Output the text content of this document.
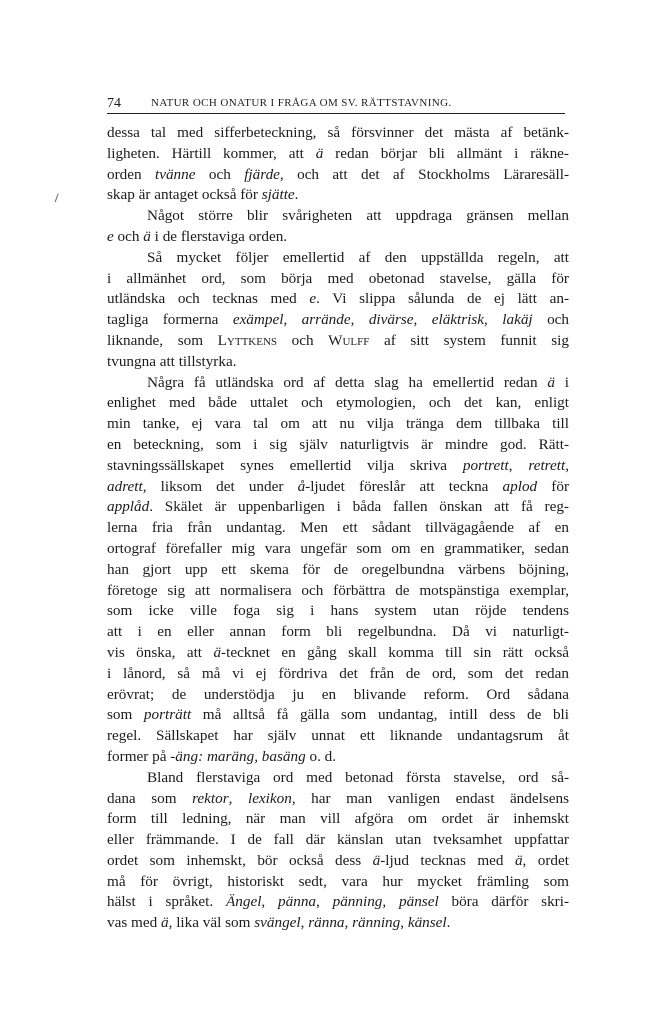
74	NATUR OCH ONATUR I FRÅGA OM SV. RÄTTSTAVNING.
dessa tal med sifferbeteckning, så försvinner det mästa af betänk-
ligheten. Härtill kommer, att ä redan börjar bli allmänt i räkne-
orden tvänne och fjärde, och att det af Stockholms Läraresäll-
skap är antaget också för sjätte.
Något större blir svårigheten att uppdraga gränsen mellan
e och ä i de flerstaviga orden.
Så mycket följer emellertid af den uppställda regeln, att
i allmänhet ord, som börja med obetonad stavelse, gälla för
utländska och tecknas med e. Vi slippa sålunda de ej lätt an-
tagliga formerna exämpel, arrände, divärse, eläktrisk, lakäj och
liknande, som Lyttkens och Wulff af sitt system funnit sig
tvungna att tillstyrka.
Några få utländska ord af detta slag ha emellertid redan ä i
enlighet med både uttalet och etymologien, och det kan, enligt
min tanke, ej vara tal om att nu vilja tränga dem tillbaka till
en beteckning, som i sig själv naturligtvis är mindre god. Rätt-
stavningssällskapet synes emellertid vilja skriva portrett, retrett,
adrett, liksom det under å-ljudet föreslår att teckna aplod för
applåd. Skälet är uppenbarligen i båda fallen önskan att få reg-
lerna fria från undantag. Men ett sådant tillvägagående af en
ortograf förefaller mig vara ungefär som om en grammatiker, sedan
han gjort upp ett skema för de oregelbundna värbens böjning,
företoge sig att normalisera och förbättra de motspänstiga exemplar,
som icke ville foga sig i hans system utan röjde tendens
att i en eller annan form bli regelbundna. Då vi naturligt-
vis önska, att ä-tecknet en gång skall komma till sin rätt också
i lånord, så må vi ej fördriva det från de ord, som det redan
erövrat; de understödja ju en blivande reform. Ord sådana
som porträtt må alltså få gälla som undantag, intill dess de bli
regel. Sällskapet har själv unnat ett liknande undantagsrum åt
former på -äng: maräng, basäng o. d.
Bland flerstaviga ord med betonad första stavelse, ord så-
dana som rektor, lexikon, har man vanligen endast ändelsens
form till ledning, när man vill afgöra om ordet är inhemskt
eller främmande. I de fall där känslan utan tveksamhet uppfattar
ordet som inhemskt, bör också dess ä-ljud tecknas med ä, ordet
må för övrigt, historiskt sedt, vara hur mycket främling som
hälst i språket. Ängel, pänna, pänning, pänsel böra därför skri-
vas med ä, lika väl som svängel, ränna, ränning, känsel.
